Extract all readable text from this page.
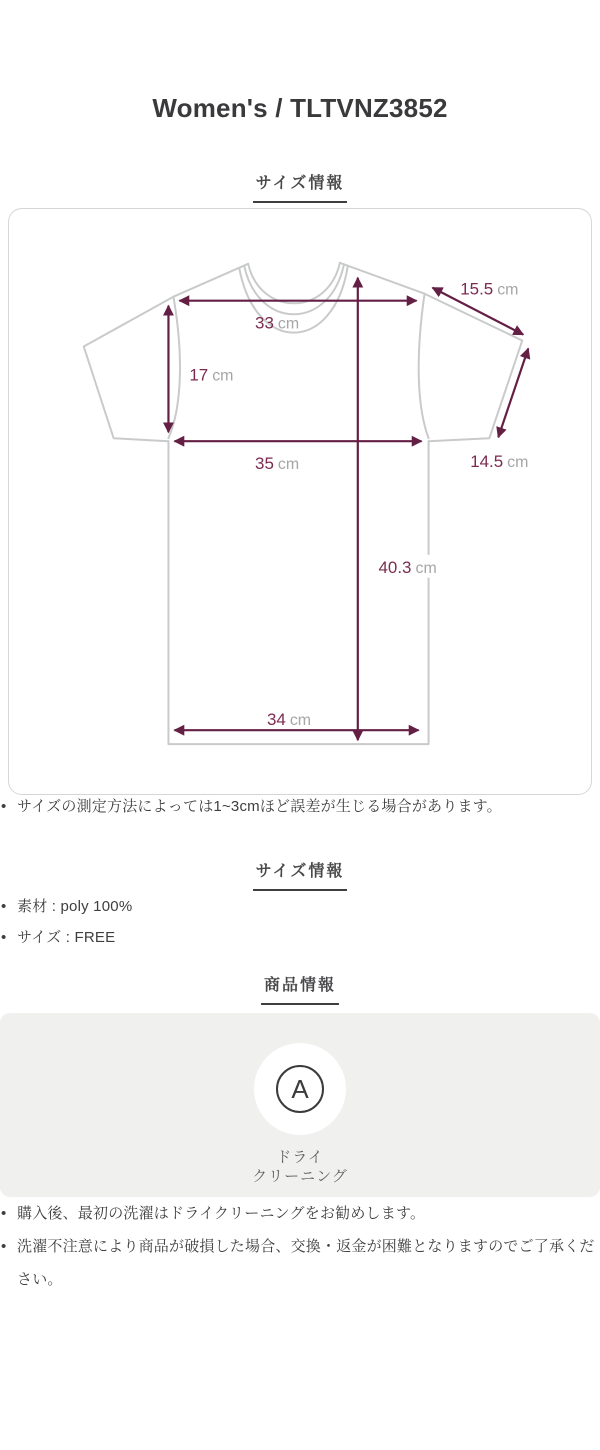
Women's / TLTVNZ3852
サイズ情報
33 cm
15.5 cm
17 cm
35 cm	14.5 cm
40.3 cm
34 cm
• サイズの測定方法によっては1~3cmほど誤差が生じる場合があります。
サイズ情報
• 素材 : poly 100%
• サイズ : FREE
商品情報
A
ドライ
クリーニング
• 購入後、最初の洗濯はドライクリーニングをお勧めします。
• 洗濯不注意により商品が破損した場合、交換・返金が困難となりますのでご了承ください。
